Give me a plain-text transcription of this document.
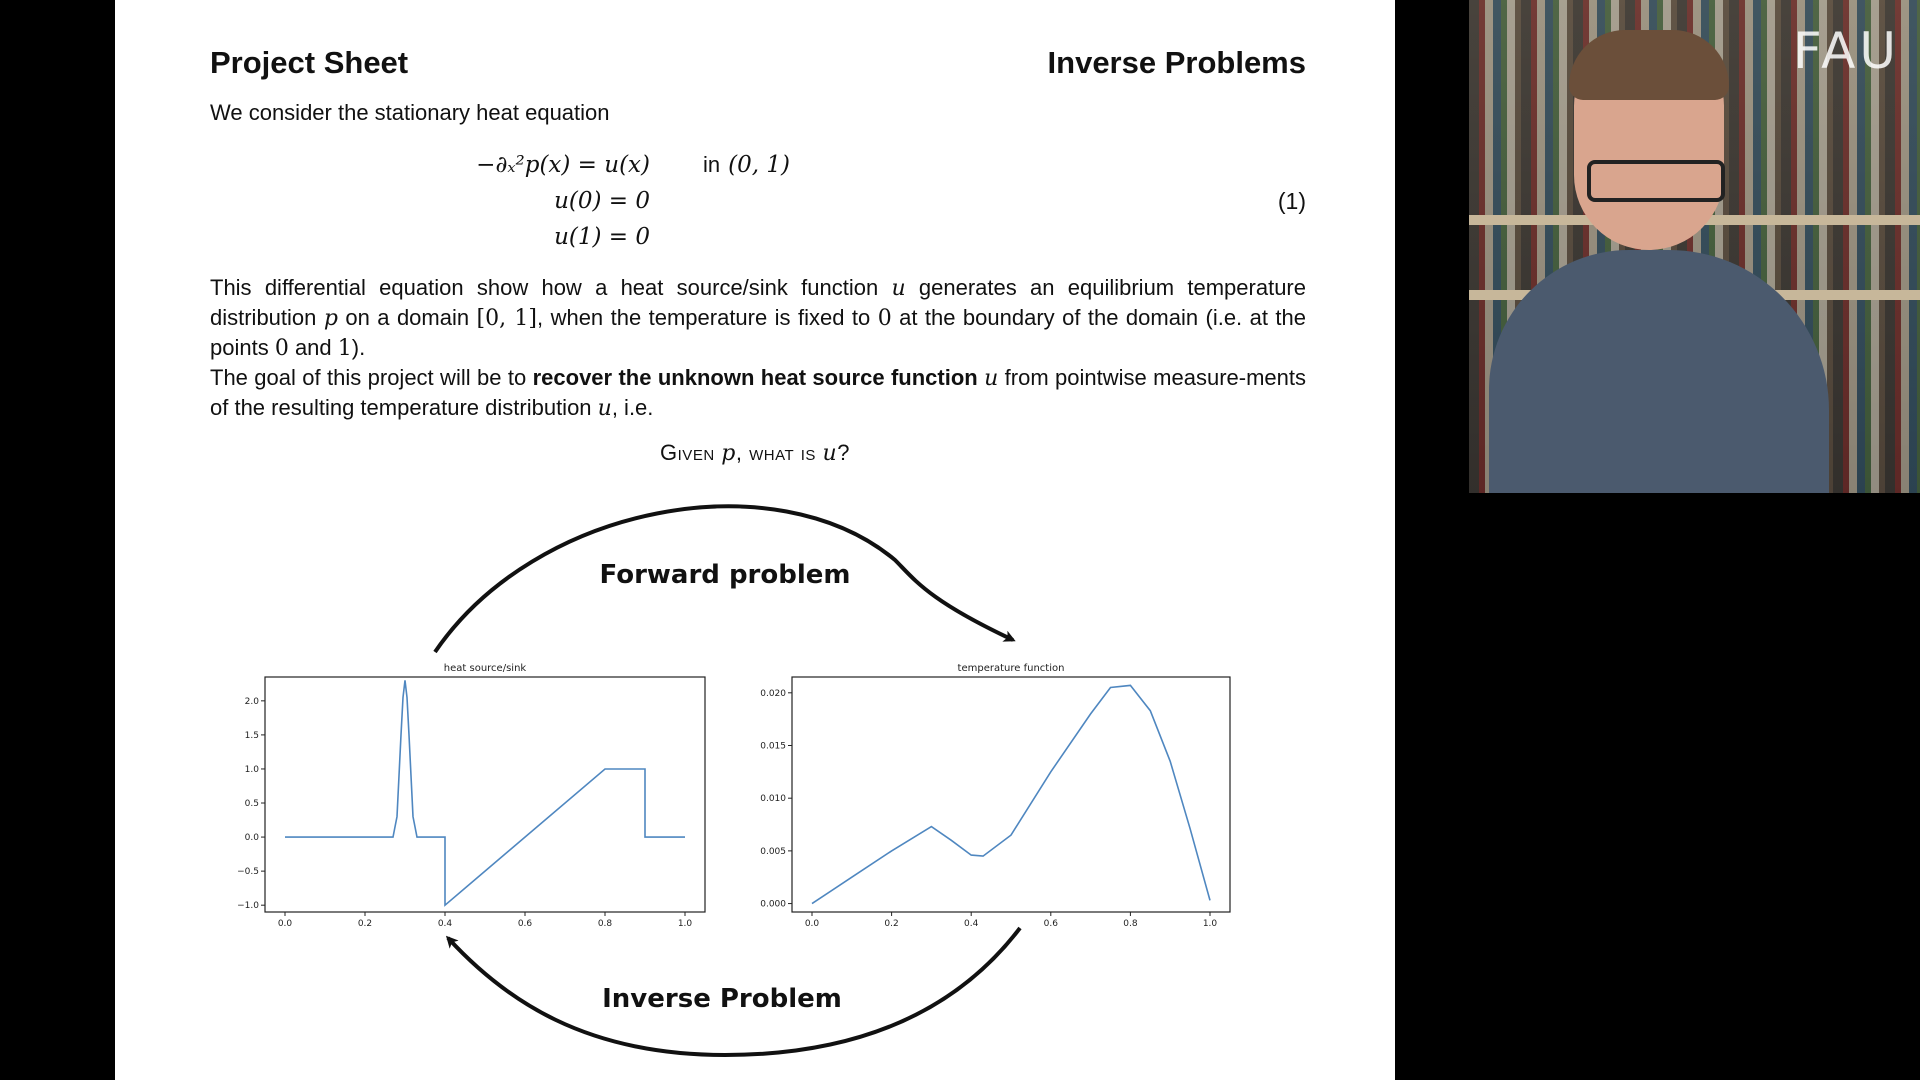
Project Sheet	Inverse Problems
We consider the stationary heat equation
−∂ₓ²p(x) = u(x) in (0, 1)
u(0) = 0
u(1) = 0
(1)

This differential equation show how a heat source/sink function u generates an equilibrium temperature distribution p on a domain [0, 1], when the temperature is fixed to 0 at the boundary of the domain (i.e. at the points 0 and 1).

The goal of this project will be to recover the unknown heat source function u from pointwise measure-ments of the resulting temperature distribution u, i.e.

Given p, what is u?
Forward problem
Inverse Problem
heat source/sink
0.0	0.2	0.4	0.6	0.8	1.0
2.0
1.5
1.0
0.5
0.0
−0.5
−1.0
temperature function
0.0	0.2	0.4	0.6	0.8	1.0
0.020
0.015
0.010
0.005
0.000
FAU
